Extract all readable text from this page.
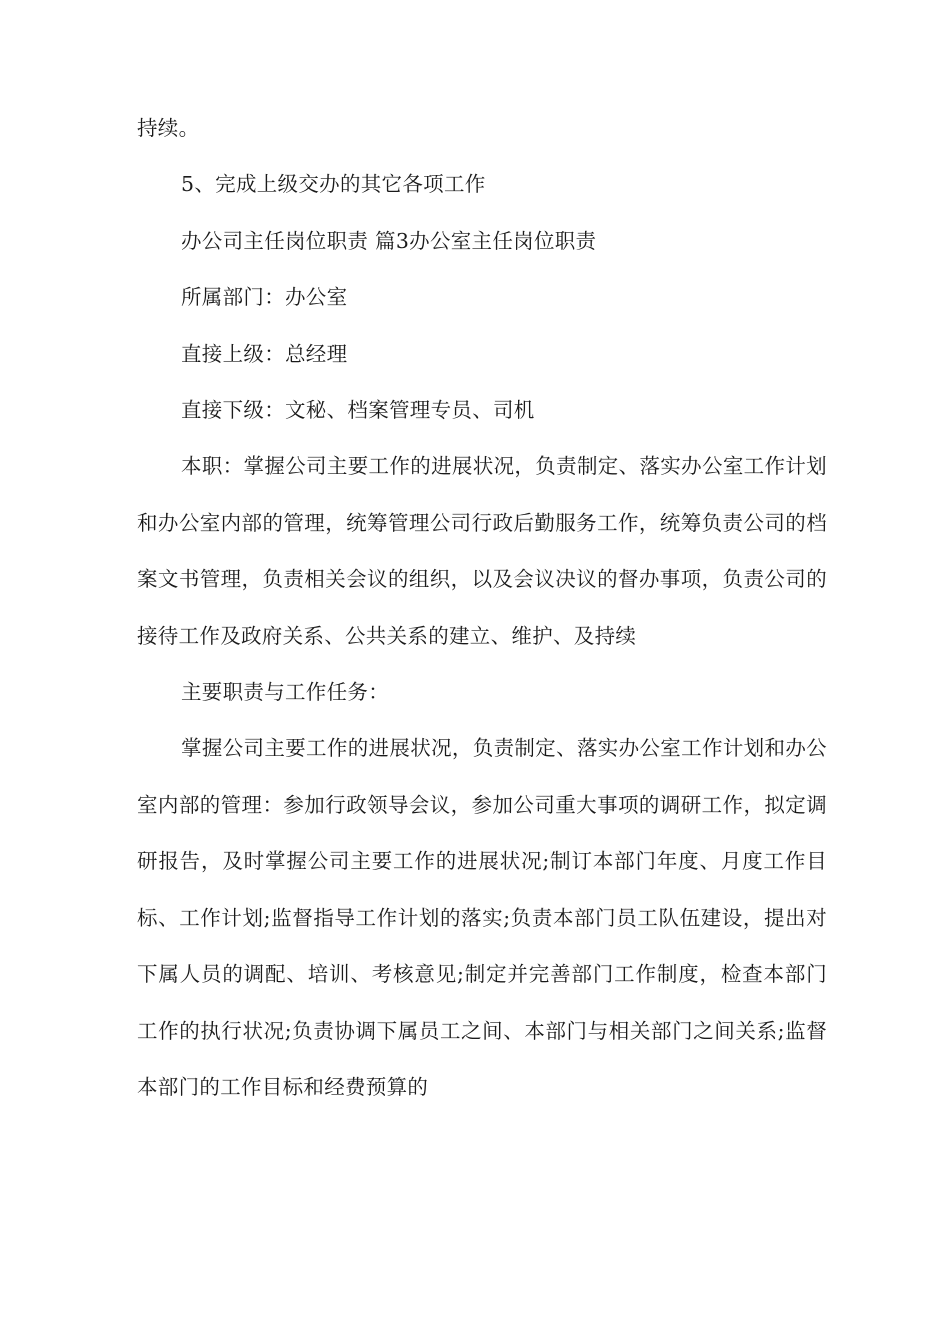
持续。

5、完成上级交办的其它各项工作

办公司主任岗位职责 篇3办公室主任岗位职责

所属部门：办公室

直接上级：总经理

直接下级：文秘、档案管理专员、司机

本职：掌握公司主要工作的进展状况，负责制定、落实办公室工作计划和办公室内部的管理，统筹管理公司行政后勤服务工作，统筹负责公司的档案文书管理，负责相关会议的组织，以及会议决议的督办事项，负责公司的接待工作及政府关系、公共关系的建立、维护、及持续

主要职责与工作任务：

掌握公司主要工作的进展状况，负责制定、落实办公室工作计划和办公室内部的管理：参加行政领导会议，参加公司重大事项的调研工作，拟定调研报告，及时掌握公司主要工作的进展状况;制订本部门年度、月度工作目标、工作计划;监督指导工作计划的落实;负责本部门员工队伍建设，提出对下属人员的调配、培训、考核意见;制定并完善部门工作制度，检查本部门工作的执行状况;负责协调下属员工之间、本部门与相关部门之间关系;监督本部门的工作目标和经费预算的
